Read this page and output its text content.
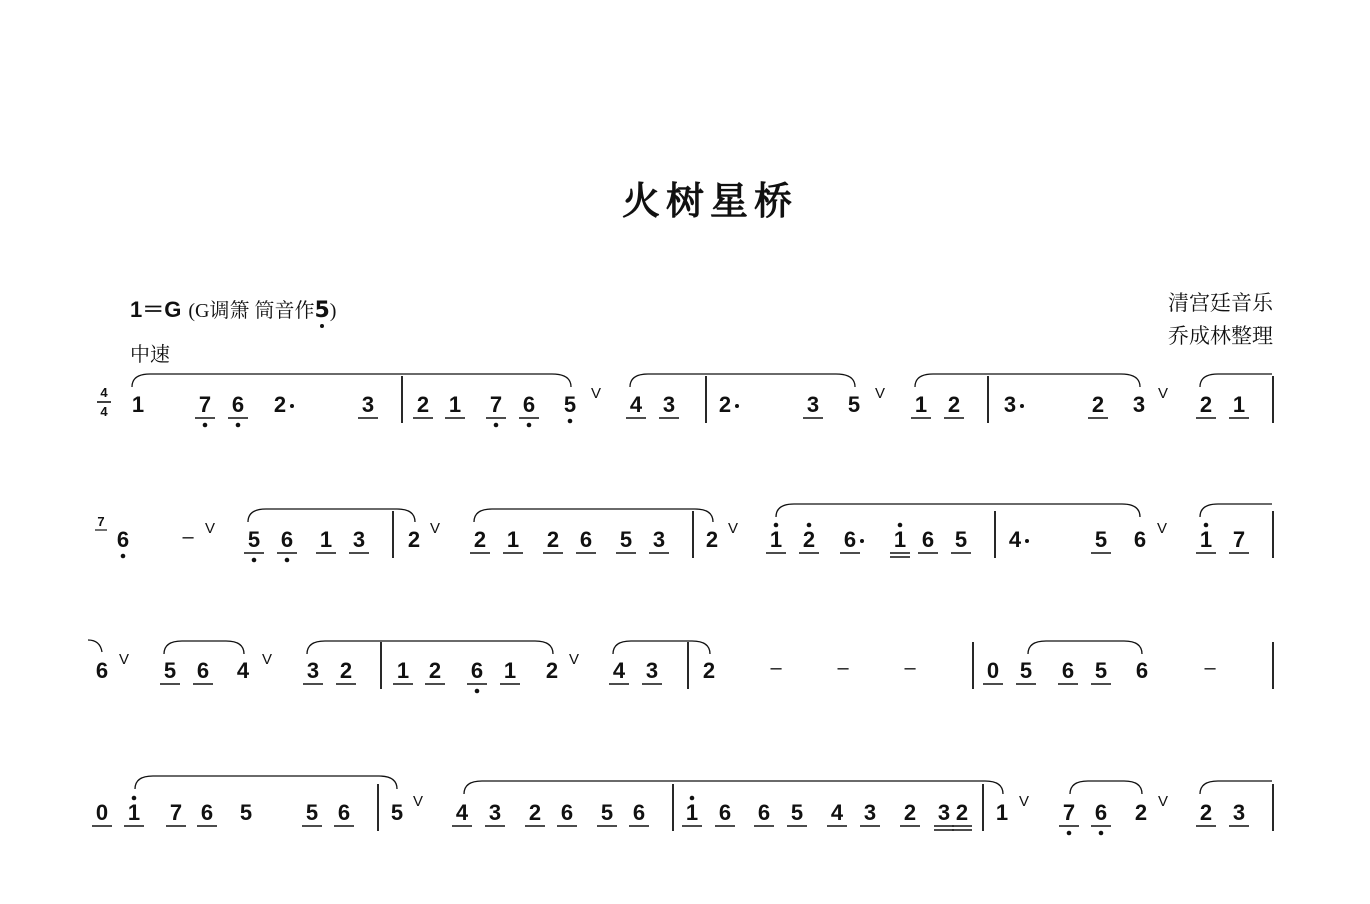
火树星桥
1＝G (G调箫 筒音作5)
中速
清宫廷音乐
乔成林整理
4
4 1 7 6 2	3 2 1 7 6 5 V 4 3 2	3 5 V 1 2 3	2 3 V 2 1
6
7
– V 5 6 1 3 2 V 2 1 2 6 5 3 2 V 1 2 6 1 6 5 4	5 6 V 1 7
6 V 5 6 4 V 3 2 1 2 6 1 2 V 4 3 2	–	–	–	0 5 6 5 6	–
0 1 7 6 5 5 6 5 V 4 3 2 6 5 6 1 6 6 5 4 3 2 3 2 1 V 7 6 2 V 2 3
